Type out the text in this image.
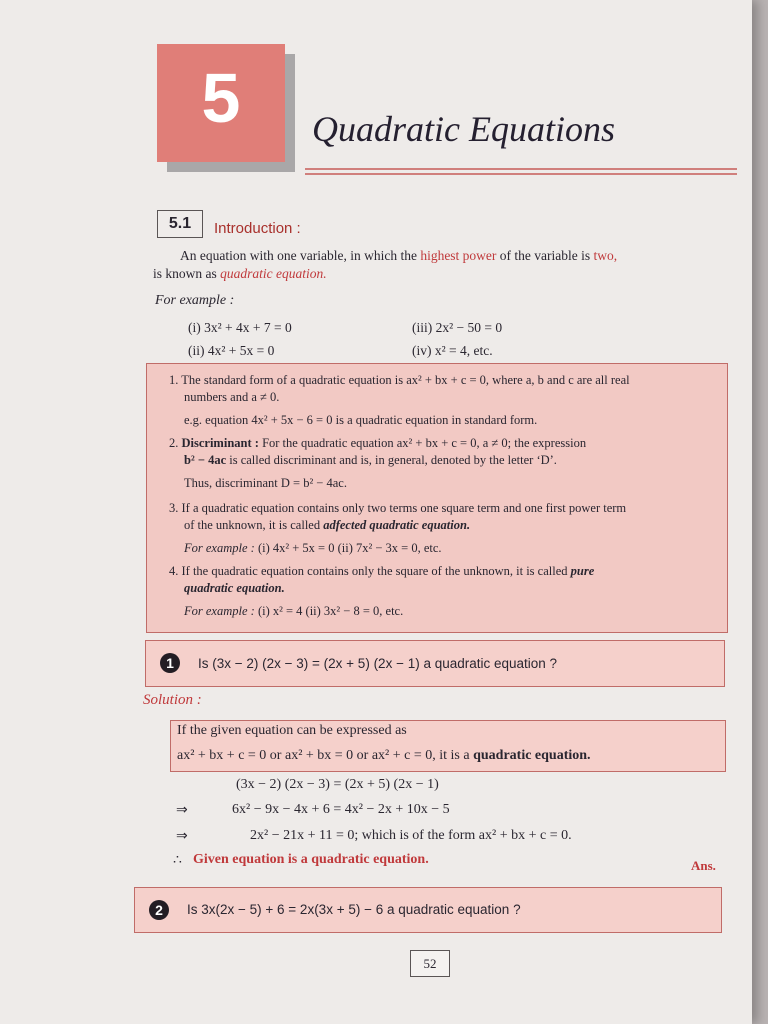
5	Quadratic Equations
5.1	Introduction :
An equation with one variable, in which the highest power of the variable is two,
is known as quadratic equation.
For example :
(i) 3x² + 4x + 7 = 0	(iii) 2x² − 50 = 0
(ii) 4x² + 5x = 0	(iv) x² = 4, etc.
1. The standard form of a quadratic equation is ax² + bx + c = 0, where a, b and c are all real
numbers and a ≠ 0.
e.g. equation 4x² + 5x − 6 = 0 is a quadratic equation in standard form.
2. Discriminant : For the quadratic equation ax² + bx + c = 0, a ≠ 0; the expression
b² − 4ac is called discriminant and is, in general, denoted by the letter ‘D’.
Thus, discriminant D = b² − 4ac.
3. If a quadratic equation contains only two terms one square term and one first power term
of the unknown, it is called adfected quadratic equation.
For example : (i) 4x² + 5x = 0 (ii) 7x² − 3x = 0, etc.
4. If the quadratic equation contains only the square of the unknown, it is called pure
quadratic equation.
For example : (i) x² = 4 (ii) 3x² − 8 = 0, etc.
1	Is (3x − 2) (2x − 3) = (2x + 5) (2x − 1) a quadratic equation ?
Solution :
If the given equation can be expressed as
ax² + bx + c = 0 or ax² + bx = 0 or ax² + c = 0, it is a quadratic equation.
(3x − 2) (2x − 3) = (2x + 5) (2x − 1)
⇒	6x² − 9x − 4x + 6 = 4x² − 2x + 10x − 5
⇒	2x² − 21x + 11 = 0; which is of the form ax² + bx + c = 0.
∴ Given equation is a quadratic equation.	Ans.
2	Is 3x(2x − 5) + 6 = 2x(3x + 5) − 6 a quadratic equation ?
52
